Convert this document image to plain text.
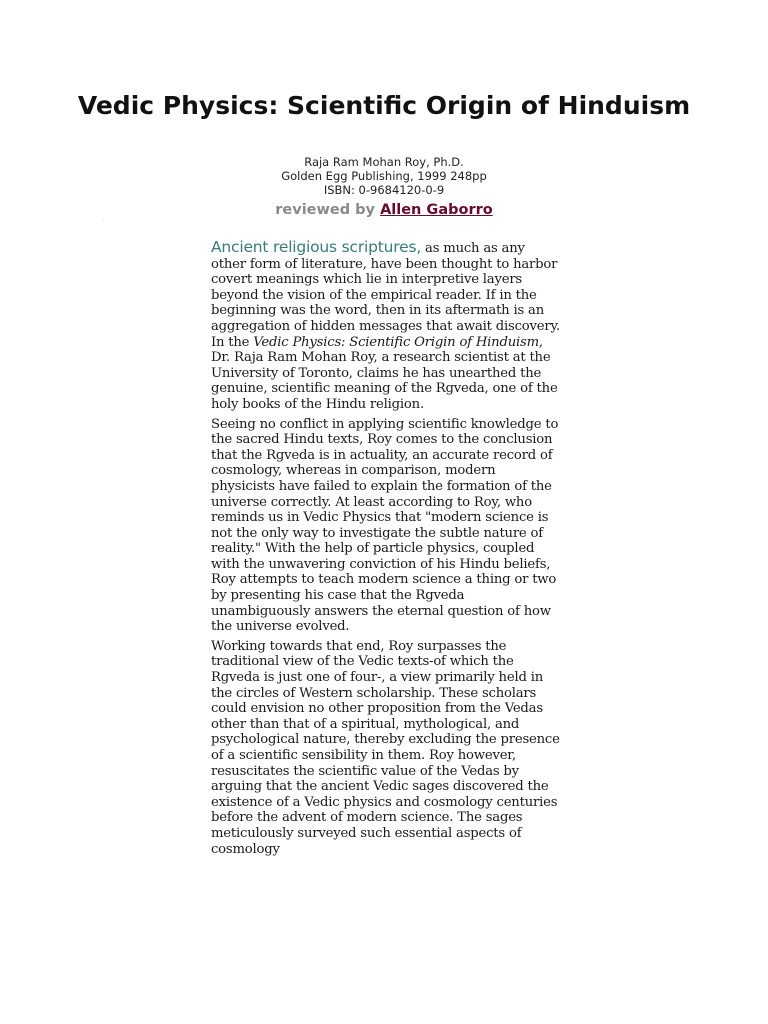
Vedic Physics: Scientific Origin of Hinduism
Raja Ram Mohan Roy, Ph.D.
Golden Egg Publishing, 1999 248pp
ISBN: 0-9684120-0-9
reviewed by Allen Gaborro

Ancient religious scriptures, as much as any other form of literature, have been thought to harbor covert meanings which lie in interpretive layers beyond the vision of the empirical reader. If in the beginning was the word, then in its aftermath is an aggregation of hidden messages that await discovery. In the Vedic Physics: Scientific Origin of Hinduism, Dr. Raja Ram Mohan Roy, a research scientist at the University of Toronto, claims he has unearthed the genuine, scientific meaning of the Rgveda, one of the holy books of the Hindu religion.

Seeing no conflict in applying scientific knowledge to the sacred Hindu texts, Roy comes to the conclusion that the Rgveda is in actuality, an accurate record of cosmology, whereas in comparison, modern physicists have failed to explain the formation of the universe correctly. At least according to Roy, who reminds us in Vedic Physics that "modern science is not the only way to investigate the subtle nature of reality." With the help of particle physics, coupled with the unwavering conviction of his Hindu beliefs, Roy attempts to teach modern science a thing or two by presenting his case that the Rgveda unambiguously answers the eternal question of how the universe evolved.

Working towards that end, Roy surpasses the traditional view of the Vedic texts-of which the Rgveda is just one of four-, a view primarily held in the circles of Western scholarship. These scholars could envision no other proposition from the Vedas other than that of a spiritual, mythological, and psychological nature, thereby excluding the presence of a scientific sensibility in them. Roy however, resuscitates the scientific value of the Vedas by arguing that the ancient Vedic sages discovered the existence of a Vedic physics and cosmology centuries before the advent of modern science. The sages meticulously surveyed such essential aspects of cosmology
